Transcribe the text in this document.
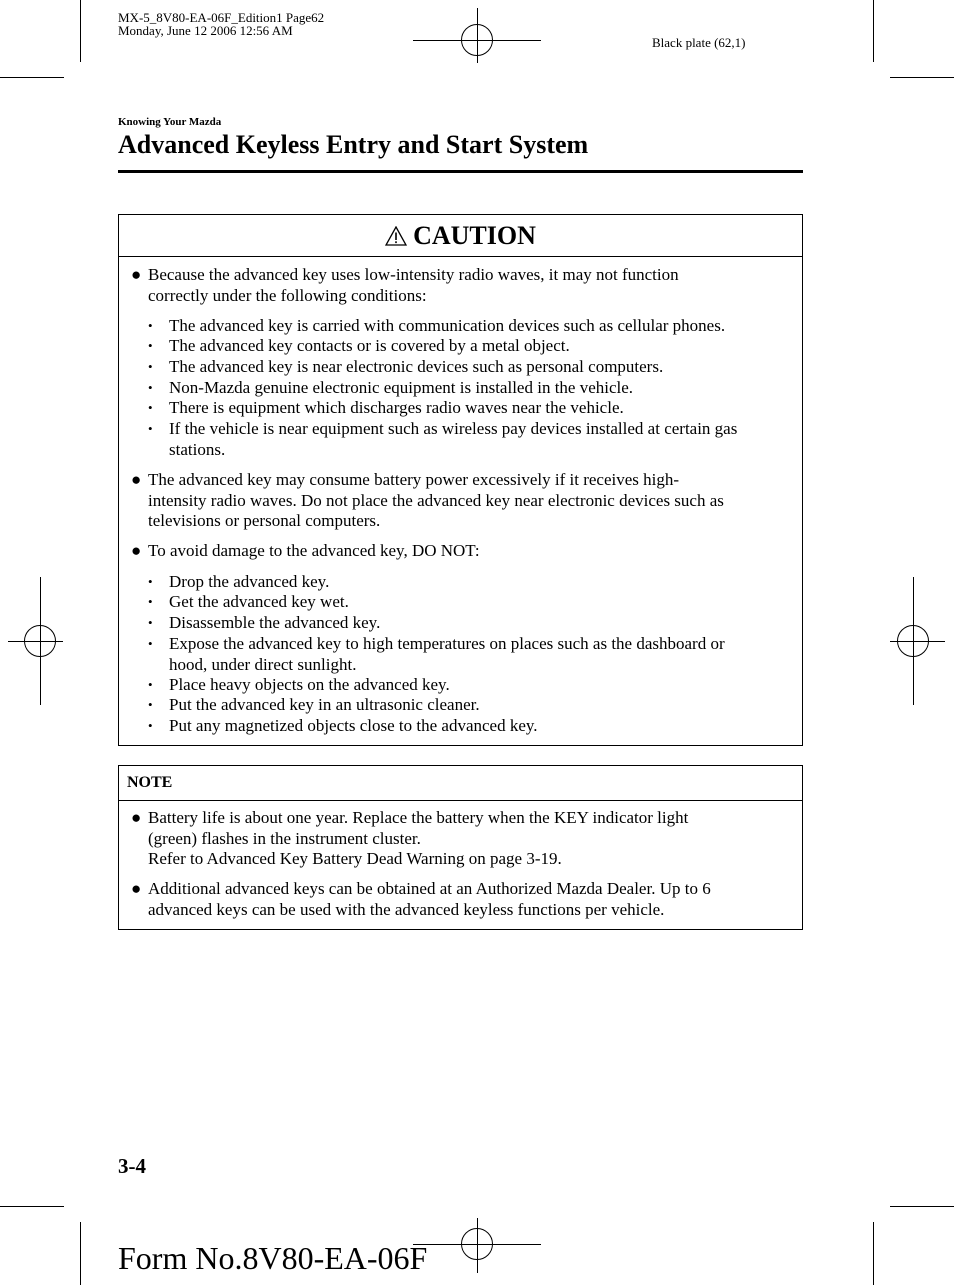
MX-5_8V80-EA-06F_Edition1 Page62
Monday, June 12 2006 12:56 AM
Black plate (62,1)
Knowing Your Mazda
Advanced Keyless Entry and Start System
CAUTION
● Because the advanced key uses low-intensity radio waves, it may not function
correctly under the following conditions:
• The advanced key is carried with communication devices such as cellular phones.
• The advanced key contacts or is covered by a metal object.
• The advanced key is near electronic devices such as personal computers.
• Non-Mazda genuine electronic equipment is installed in the vehicle.
• There is equipment which discharges radio waves near the vehicle.
• If the vehicle is near equipment such as wireless pay devices installed at certain gas
stations.
● The advanced key may consume battery power excessively if it receives high-
intensity radio waves. Do not place the advanced key near electronic devices such as
televisions or personal computers.
● To avoid damage to the advanced key, DO NOT:
• Drop the advanced key.
• Get the advanced key wet.
• Disassemble the advanced key.
• Expose the advanced key to high temperatures on places such as the dashboard or
hood, under direct sunlight.
• Place heavy objects on the advanced key.
• Put the advanced key in an ultrasonic cleaner.
• Put any magnetized objects close to the advanced key.
NOTE
● Battery life is about one year. Replace the battery when the KEY indicator light
(green) flashes in the instrument cluster.
Refer to Advanced Key Battery Dead Warning on page 3-19.
● Additional advanced keys can be obtained at an Authorized Mazda Dealer. Up to 6
advanced keys can be used with the advanced keyless functions per vehicle.
3-4
Form No.8V80-EA-06F
